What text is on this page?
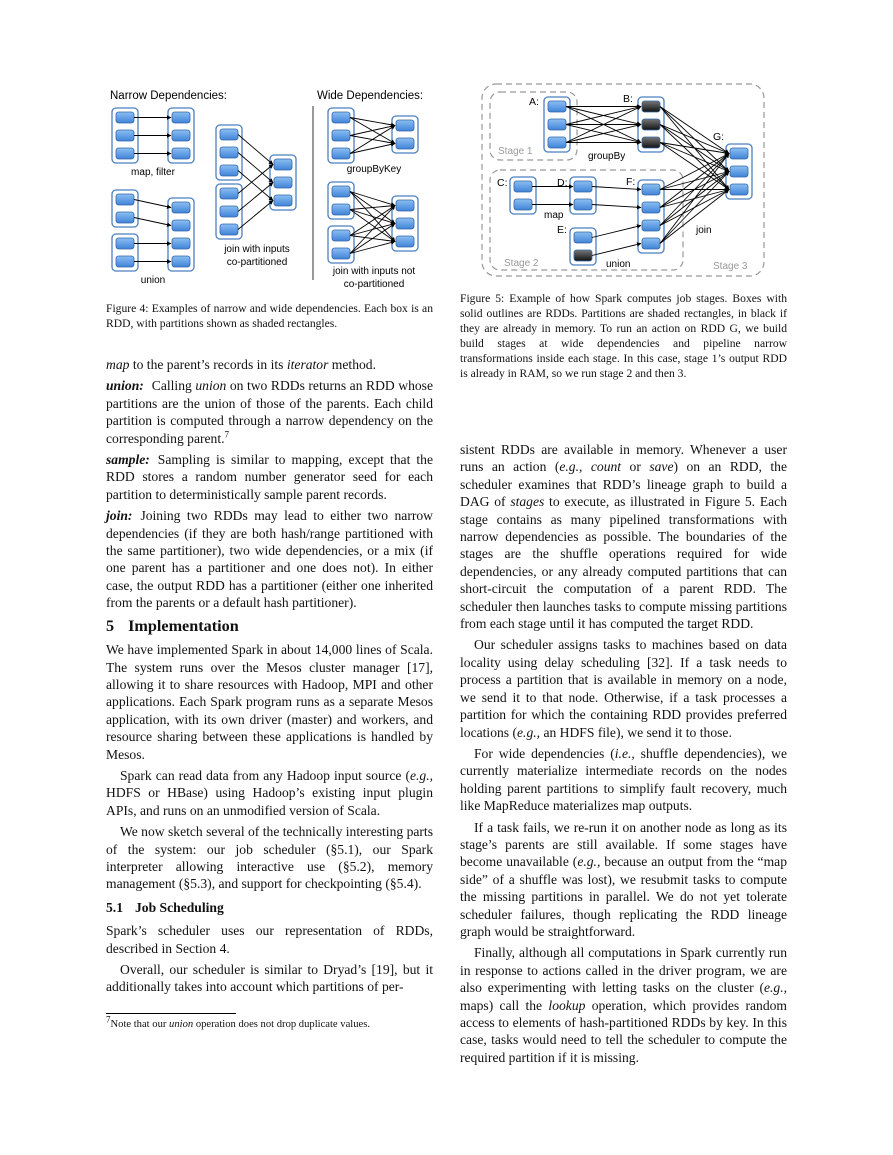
Narrow Dependencies:	Wide Dependencies:
map, filter
union
join with inputs
co-partitioned
groupByKey
join with inputs not
co-partitioned
Figure 4: Examples of narrow and wide dependencies. Each box is an RDD, with partitions shown as shaded rectangles.
A:	B:
C:	D:
E:
F:
G:
Stage 1
Stage 2	Stage 3
groupBy
map
union
join
Figure 5: Example of how Spark computes job stages. Boxes with solid outlines are RDDs. Partitions are shaded rectangles, in black if they are already in memory. To run an action on RDD G, we build build stages at wide dependencies and pipeline narrow transformations inside each stage. In this case, stage 1’s output RDD is already in RAM, so we run stage 2 and then 3.

map to the parent’s records in its iterator method.

union: Calling union on two RDDs returns an RDD whose partitions are the union of those of the parents. Each child partition is computed through a narrow dependency on the corresponding parent.$^7$

sample: Sampling is similar to mapping, except that the RDD stores a random number generator seed for each partition to deterministically sample parent records.

join: Joining two RDDs may lead to either two narrow dependencies (if they are both hash/range partitioned with the same partitioner), two wide dependencies, or a mix (if one parent has a partitioner and one does not). In either case, the output RDD has a partitioner (either one inherited from the parents or a default hash partitioner).

5 Implementation

We have implemented Spark in about 14,000 lines of Scala. The system runs over the Mesos cluster manager [17], allowing it to share resources with Hadoop, MPI and other applications. Each Spark program runs as a separate Mesos application, with its own driver (master) and workers, and resource sharing between these applications is handled by Mesos.

Spark can read data from any Hadoop input source (e.g., HDFS or HBase) using Hadoop’s existing input plugin APIs, and runs on an unmodified version of Scala.

We now sketch several of the technically interesting parts of the system: our job scheduler (§5.1), our Spark interpreter allowing interactive use (§5.2), memory management (§5.3), and support for checkpointing (§5.4).

5.1 Job Scheduling

Spark’s scheduler uses our representation of RDDs, described in Section 4.

Overall, our scheduler is similar to Dryad’s [19], but it additionally takes into account which partitions of per-

$^7$Note that our union operation does not drop duplicate values.

sistent RDDs are available in memory. Whenever a user runs an action (e.g., count or save) on an RDD, the scheduler examines that RDD’s lineage graph to build a DAG of stages to execute, as illustrated in Figure 5. Each stage contains as many pipelined transformations with narrow dependencies as possible. The boundaries of the stages are the shuffle operations required for wide dependencies, or any already computed partitions that can short-circuit the computation of a parent RDD. The scheduler then launches tasks to compute missing partitions from each stage until it has computed the target RDD.

Our scheduler assigns tasks to machines based on data locality using delay scheduling [32]. If a task needs to process a partition that is available in memory on a node, we send it to that node. Otherwise, if a task processes a partition for which the containing RDD provides preferred locations (e.g., an HDFS file), we send it to those.

For wide dependencies (i.e., shuffle dependencies), we currently materialize intermediate records on the nodes holding parent partitions to simplify fault recovery, much like MapReduce materializes map outputs.

If a task fails, we re-run it on another node as long as its stage’s parents are still available. If some stages have become unavailable (e.g., because an output from the “map side” of a shuffle was lost), we resubmit tasks to compute the missing partitions in parallel. We do not yet tolerate scheduler failures, though replicating the RDD lineage graph would be straightforward.

Finally, although all computations in Spark currently run in response to actions called in the driver program, we are also experimenting with letting tasks on the cluster (e.g., maps) call the lookup operation, which provides random access to elements of hash-partitioned RDDs by key. In this case, tasks would need to tell the scheduler to compute the required partition if it is missing.
